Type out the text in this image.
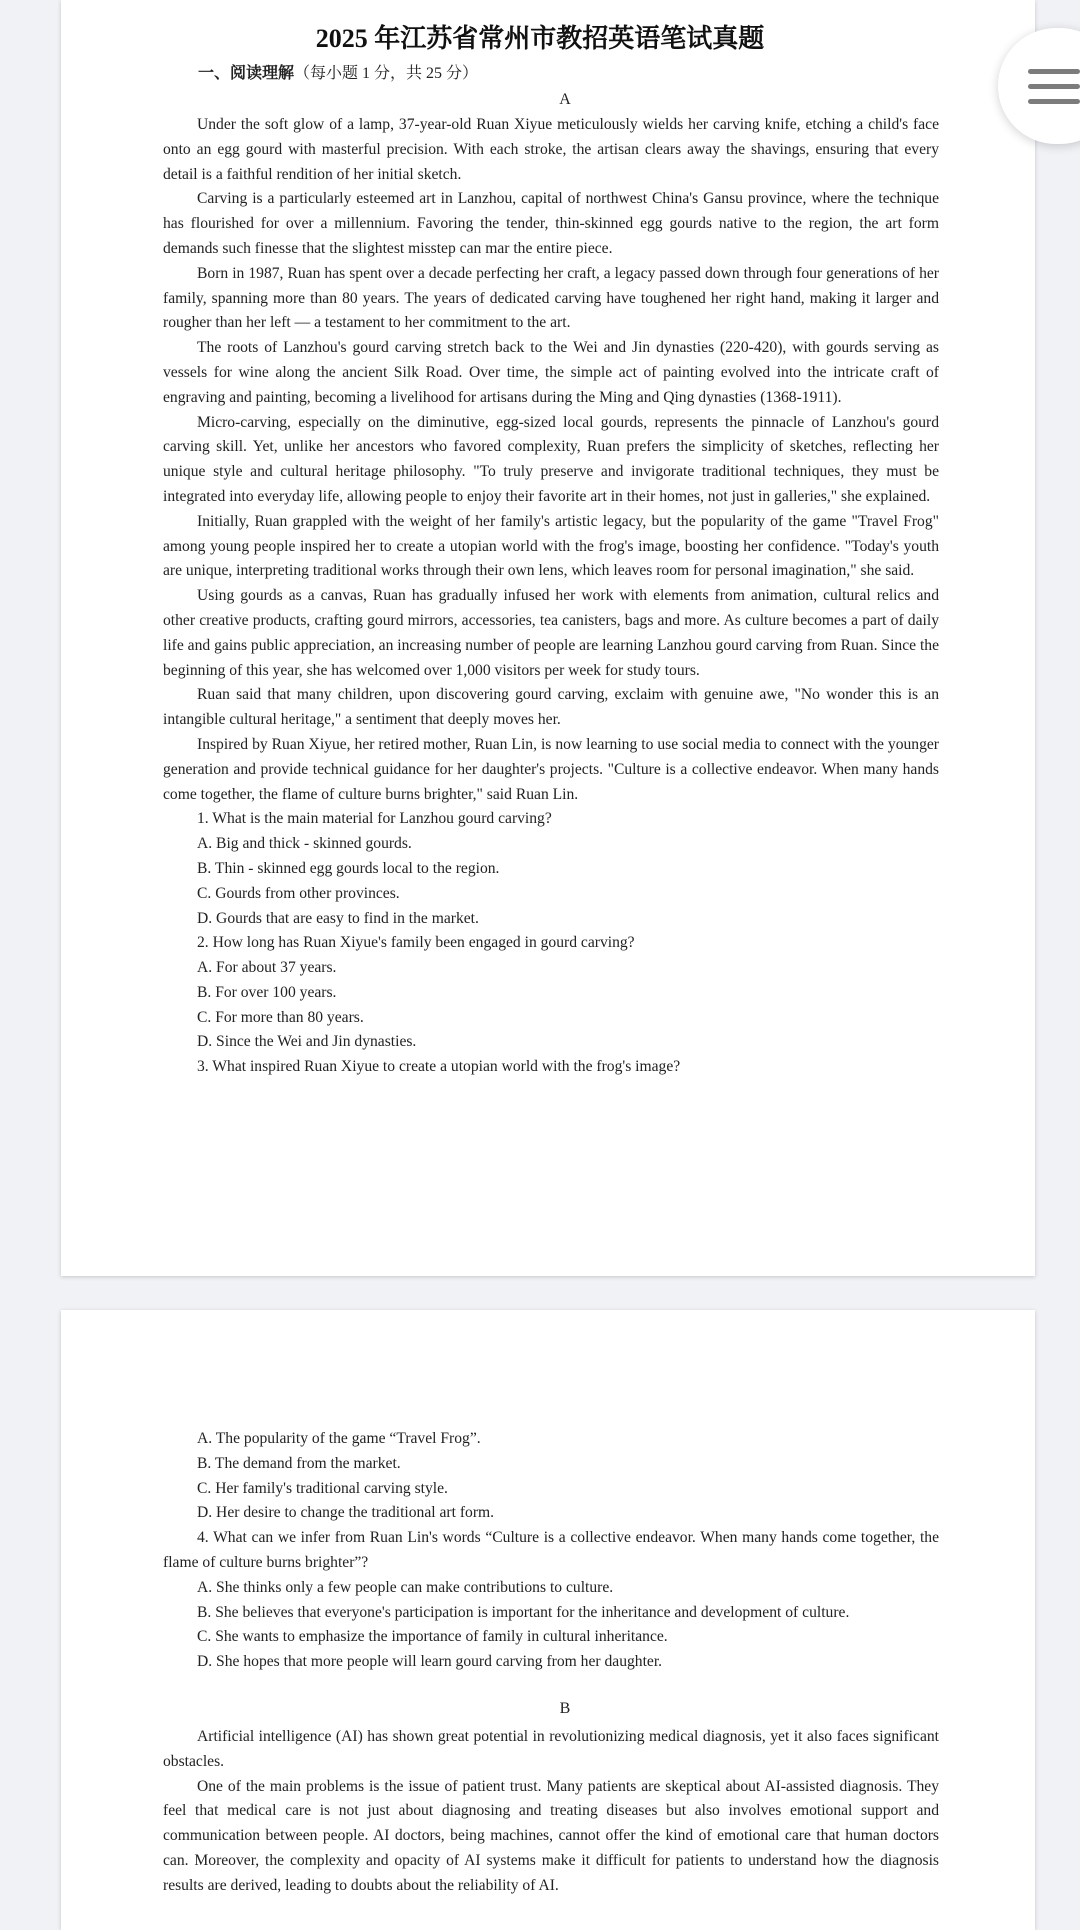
2025 年江苏省常州市教招英语笔试真题
一、阅读理解（每小题 1 分，共 25 分）
A

Under the soft glow of a lamp, 37-year-old Ruan Xiyue meticulously wields her carving knife, etching a child's face onto an egg gourd with masterful precision. With each stroke, the artisan clears away the shavings, ensuring that every detail is a faithful rendition of her initial sketch.

Carving is a particularly esteemed art in Lanzhou, capital of northwest China's Gansu province, where the technique has flourished for over a millennium. Favoring the tender, thin-skinned egg gourds native to the region, the art form demands such finesse that the slightest misstep can mar the entire piece.

Born in 1987, Ruan has spent over a decade perfecting her craft, a legacy passed down through four generations of her family, spanning more than 80 years. The years of dedicated carving have toughened her right hand, making it larger and rougher than her left — a testament to her commitment to the art.

The roots of Lanzhou's gourd carving stretch back to the Wei and Jin dynasties (220-420), with gourds serving as vessels for wine along the ancient Silk Road. Over time, the simple act of painting evolved into the intricate craft of engraving and painting, becoming a livelihood for artisans during the Ming and Qing dynasties (1368-1911).

Micro-carving, especially on the diminutive, egg-sized local gourds, represents the pinnacle of Lanzhou's gourd carving skill. Yet, unlike her ancestors who favored complexity, Ruan prefers the simplicity of sketches, reflecting her unique style and cultural heritage philosophy. "To truly preserve and invigorate traditional techniques, they must be integrated into everyday life, allowing people to enjoy their favorite art in their homes, not just in galleries," she explained.

Initially, Ruan grappled with the weight of her family's artistic legacy, but the popularity of the game "Travel Frog" among young people inspired her to create a utopian world with the frog's image, boosting her confidence. "Today's youth are unique, interpreting traditional works through their own lens, which leaves room for personal imagination," she said.

Using gourds as a canvas, Ruan has gradually infused her work with elements from animation, cultural relics and other creative products, crafting gourd mirrors, accessories, tea canisters, bags and more. As culture becomes a part of daily life and gains public appreciation, an increasing number of people are learning Lanzhou gourd carving from Ruan. Since the beginning of this year, she has welcomed over 1,000 visitors per week for study tours.

Ruan said that many children, upon discovering gourd carving, exclaim with genuine awe, "No wonder this is an intangible cultural heritage," a sentiment that deeply moves her.

Inspired by Ruan Xiyue, her retired mother, Ruan Lin, is now learning to use social media to connect with the younger generation and provide technical guidance for her daughter's projects. "Culture is a collective endeavor. When many hands come together, the flame of culture burns brighter," said Ruan Lin.

1. What is the main material for Lanzhou gourd carving?

A. Big and thick - skinned gourds.

B. Thin - skinned egg gourds local to the region.

C. Gourds from other provinces.

D. Gourds that are easy to find in the market.

2. How long has Ruan Xiyue's family been engaged in gourd carving?

A. For about 37 years.

B. For over 100 years.

C. For more than 80 years.

D. Since the Wei and Jin dynasties.

3. What inspired Ruan Xiyue to create a utopian world with the frog's image?

A. The popularity of the game “Travel Frog”.

B. The demand from the market.

C. Her family's traditional carving style.

D. Her desire to change the traditional art form.

4. What can we infer from Ruan Lin's words “Culture is a collective endeavor. When many hands come together, the flame of culture burns brighter”?

A. She thinks only a few people can make contributions to culture.

B. She believes that everyone's participation is important for the inheritance and development of culture.

C. She wants to emphasize the importance of family in cultural inheritance.

D. She hopes that more people will learn gourd carving from her daughter.

B

Artificial intelligence (AI) has shown great potential in revolutionizing medical diagnosis, yet it also faces significant obstacles.

One of the main problems is the issue of patient trust. Many patients are skeptical about AI-assisted diagnosis. They feel that medical care is not just about diagnosing and treating diseases but also involves emotional support and communication between people. AI doctors, being machines, cannot offer the kind of emotional care that human doctors can. Moreover, the complexity and opacity of AI systems make it difficult for patients to understand how the diagnosis results are derived, leading to doubts about the reliability of AI.
